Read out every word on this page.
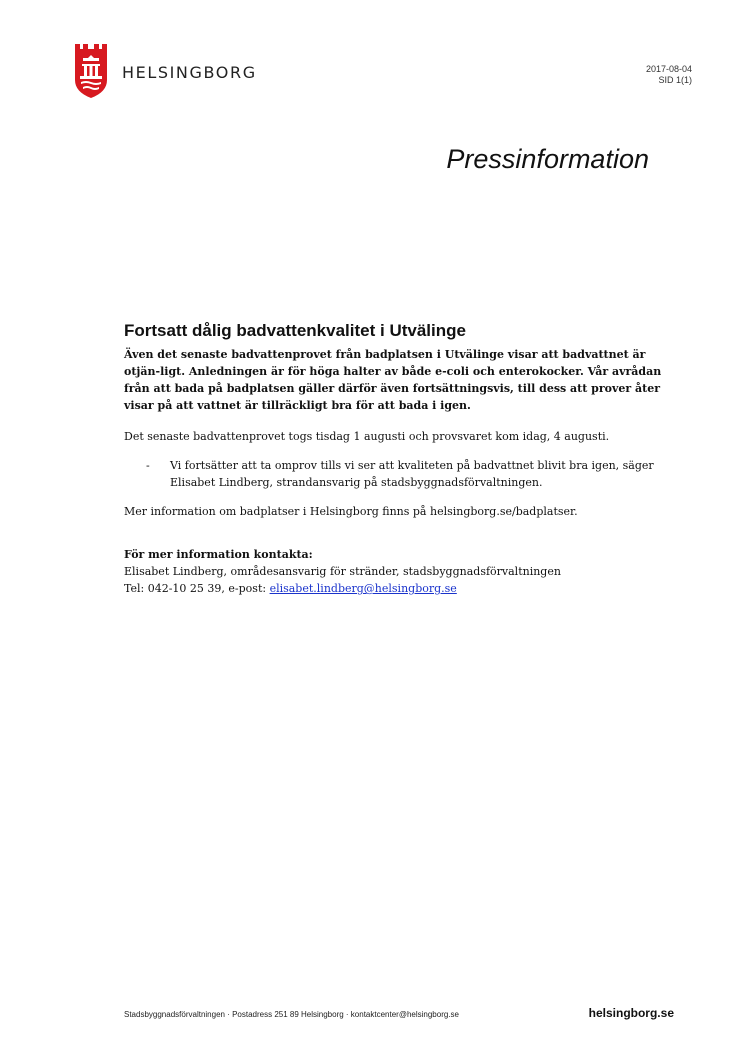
HELSINGBORG	2017-08-04
SID 1(1)
Pressinformation
Fortsatt dålig badvattenkvalitet i Utvälinge

Även det senaste badvattenprovet från badplatsen i Utvälinge visar att badvattnet är otjän-ligt. Anledningen är för höga halter av både e-coli och enterokocker. Vår avrådan från att bada på badplatsen gäller därför även fortsättningsvis, till dess att prover åter visar på att vattnet är tillräckligt bra för att bada i igen.

Det senaste badvattenprovet togs tisdag 1 augusti och provsvaret kom idag, 4 augusti.

-	Vi fortsätter att ta omprov tills vi ser att kvaliteten på badvattnet blivit bra igen, säger Elisabet Lindberg, strandansvarig på stadsbyggnadsförvaltningen.

Mer information om badplatser i Helsingborg finns på helsingborg.se/badplatser.

För mer information kontakta:

Elisabet Lindberg, områdesansvarig för stränder, stadsbyggnadsförvaltningen

Tel: 042-10 25 39, e-post: elisabet.lindberg@helsingborg.se

Stadsbyggnadsförvaltningen · Postadress 251 89 Helsingborg · kontaktcenter@helsingborg.se	helsingborg.se
